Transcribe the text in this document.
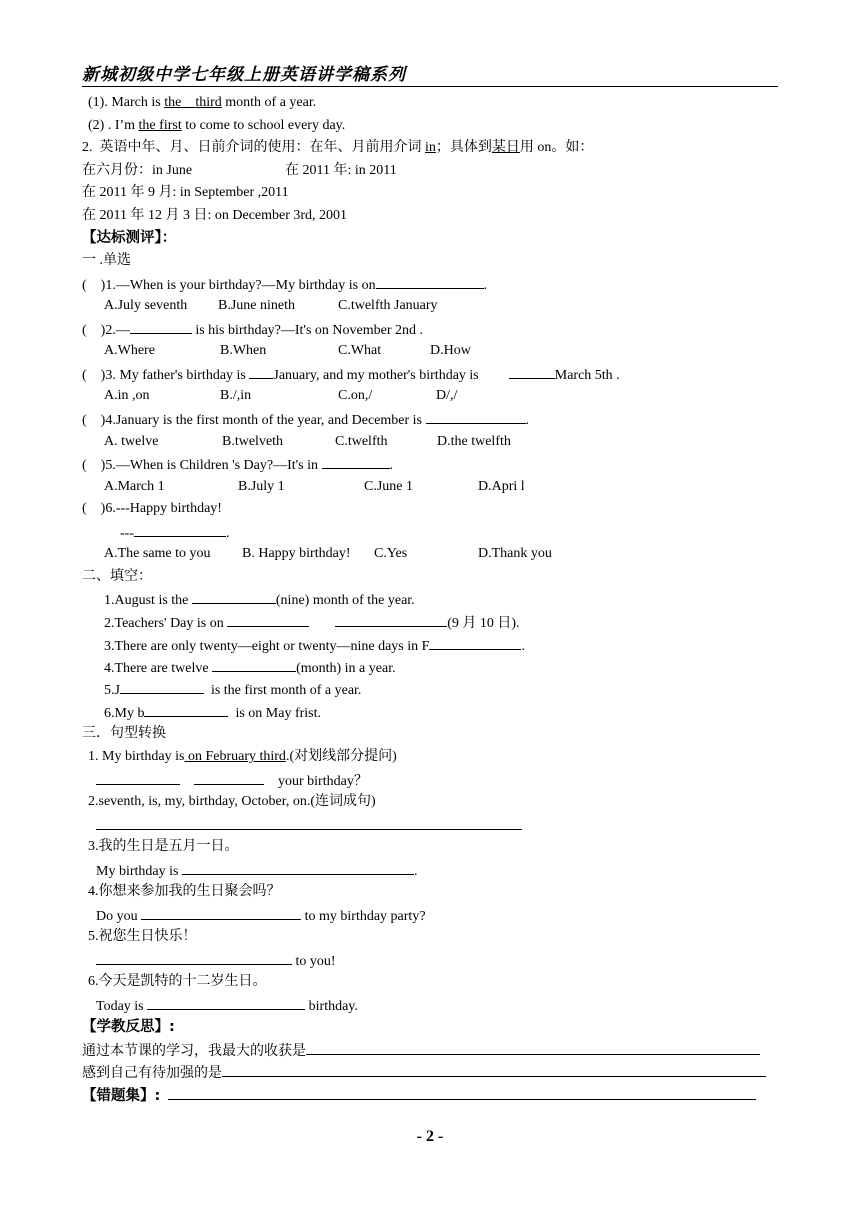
新城初级中学七年级上册英语讲学稿系列
(1). March is the third month of a year.
(2) . I’m the first to come to school every day.
2.  英语中年、月、日前介词的使用：在年、月前用介词 in；具体到某日用 on。如：
在六月份：in June	在 2011 年: in 2011
在 2011 年 9 月: in September ,2011
在 2011 年 12 月 3 日: on December 3rd, 2001
【达标测评】：
一 .单选
(    )1.—When is your birthday?—My birthday is on	.
A.July seventh B.June nineth	C.twelfth January
(    )2.—	is his birthday?—It's on November 2nd .
A.Where	B.When	C.What	D.How
(    )3. My father's birthday is January, and my mother's birthday is	March 5th .
A.in ,on	B./,in	C.on,/	D/,/
(    )4.January is the first month of the year, and December is	.
A. twelve	B.twelveth	C.twelfth	D.the twelfth
(    )5.—When is Children 's Day?—It's in	.
A.March 1	B.July 1	C.June 1	D.Apri l
(    )6.---Happy birthday!
---	.
A.The same to you B. Happy birthday! C.Yes	D.Thank you
二、填空：
1.August is the	(nine) month of the year.
2.Teachers' Day is on	(9 月 10 日).
3.There are only twenty—eight or twenty—nine days in F	.
4.There are twelve	(month) in a year.
5.J	is the first month of a year.
6.My b	is on May frist.
三．句型转换
1. My birthday is on February third.(对划线部分提问)
your birthday？
2.seventh, is, my, birthday, October, on.(连词成句)
3.我的生日是五月一日。
My birthday is	.
4.你想来参加我的生日聚会吗？
Do you	to my birthday party?
5.祝您生日快乐！
to you!
6.今天是凯特的十二岁生日。
Today is	birthday.
【学教反思】:
通过本节课的学习，我最大的收获是
感到自己有待加强的是
【错题集】:
- 2 -
